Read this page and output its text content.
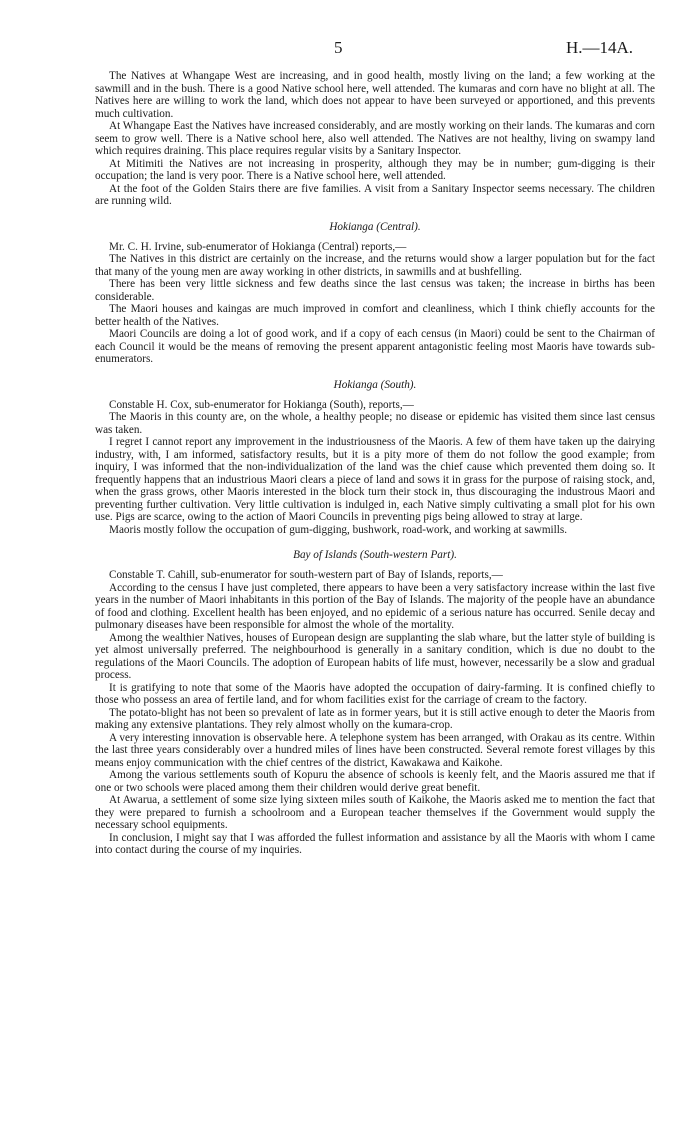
5	H.—14A.

The Natives at Whangape West are increasing, and in good health, mostly living on the land; a few working at the sawmill and in the bush. There is a good Native school here, well attended. The kumaras and corn have no blight at all. The Natives here are willing to work the land, which does not appear to have been surveyed or apportioned, and this prevents much cultivation.

At Whangape East the Natives have increased considerably, and are mostly working on their lands. The kumaras and corn seem to grow well. There is a Native school here, also well attended. The Natives are not healthy, living on swampy land which requires draining. This place requires regular visits by a Sanitary Inspector.

At Mitimiti the Natives are not increasing in prosperity, although they may be in number; gum-digging is their occupation; the land is very poor. There is a Native school here, well attended.

At the foot of the Golden Stairs there are five families. A visit from a Sanitary Inspector seems necessary. The children are running wild.

Hokianga (Central).

Mr. C. H. Irvine, sub-enumerator of Hokianga (Central) reports,—

The Natives in this district are certainly on the increase, and the returns would show a larger population but for the fact that many of the young men are away working in other districts, in sawmills and at bushfelling.

There has been very little sickness and few deaths since the last census was taken; the increase in births has been considerable.

The Maori houses and kaingas are much improved in comfort and cleanliness, which I think chiefly accounts for the better health of the Natives.

Maori Councils are doing a lot of good work, and if a copy of each census (in Maori) could be sent to the Chairman of each Council it would be the means of removing the present apparent antagonistic feeling most Maoris have towards sub-enumerators.

Hokianga (South).

Constable H. Cox, sub-enumerator for Hokianga (South), reports,—

The Maoris in this county are, on the whole, a healthy people; no disease or epidemic has visited them since last census was taken.

I regret I cannot report any improvement in the industriousness of the Maoris. A few of them have taken up the dairying industry, with, I am informed, satisfactory results, but it is a pity more of them do not follow the good example; from inquiry, I was informed that the non-individualization of the land was the chief cause which prevented them doing so. It frequently happens that an industrious Maori clears a piece of land and sows it in grass for the purpose of raising stock, and, when the grass grows, other Maoris interested in the block turn their stock in, thus discouraging the industrous Maori and preventing further cultivation. Very little cultivation is indulged in, each Native simply cultivating a small plot for his own use. Pigs are scarce, owing to the action of Maori Councils in preventing pigs being allowed to stray at large.

Maoris mostly follow the occupation of gum-digging, bushwork, road-work, and working at sawmills.

Bay of Islands (South-western Part).

Constable T. Cahill, sub-enumerator for south-western part of Bay of Islands, reports,—

According to the census I have just completed, there appears to have been a very satisfactory increase within the last five years in the number of Maori inhabitants in this portion of the Bay of Islands. The majority of the people have an abundance of food and clothing. Excellent health has been enjoyed, and no epidemic of a serious nature has occurred. Senile decay and pulmonary diseases have been responsible for almost the whole of the mortality.

Among the wealthier Natives, houses of European design are supplanting the slab whare, but the latter style of building is yet almost universally preferred. The neighbourhood is generally in a sanitary condition, which is due no doubt to the regulations of the Maori Councils. The adoption of European habits of life must, however, necessarily be a slow and gradual process.

It is gratifying to note that some of the Maoris have adopted the occupation of dairy-farming. It is confined chiefly to those who possess an area of fertile land, and for whom facilities exist for the carriage of cream to the factory.

The potato-blight has not been so prevalent of late as in former years, but it is still active enough to deter the Maoris from making any extensive plantations. They rely almost wholly on the kumara-crop.

A very interesting innovation is observable here. A telephone system has been arranged, with Orakau as its centre. Within the last three years considerably over a hundred miles of lines have been constructed. Several remote forest villages by this means enjoy communication with the chief centres of the district, Kawakawa and Kaikohe.

Among the various settlements south of Kopuru the absence of schools is keenly felt, and the Maoris assured me that if one or two schools were placed among them their children would derive great benefit.

At Awarua, a settlement of some size lying sixteen miles south of Kaikohe, the Maoris asked me to mention the fact that they were prepared to furnish a schoolroom and a European teacher themselves if the Government would supply the necessary school equipments.

In conclusion, I might say that I was afforded the fullest information and assistance by all the Maoris with whom I came into contact during the course of my inquiries.
